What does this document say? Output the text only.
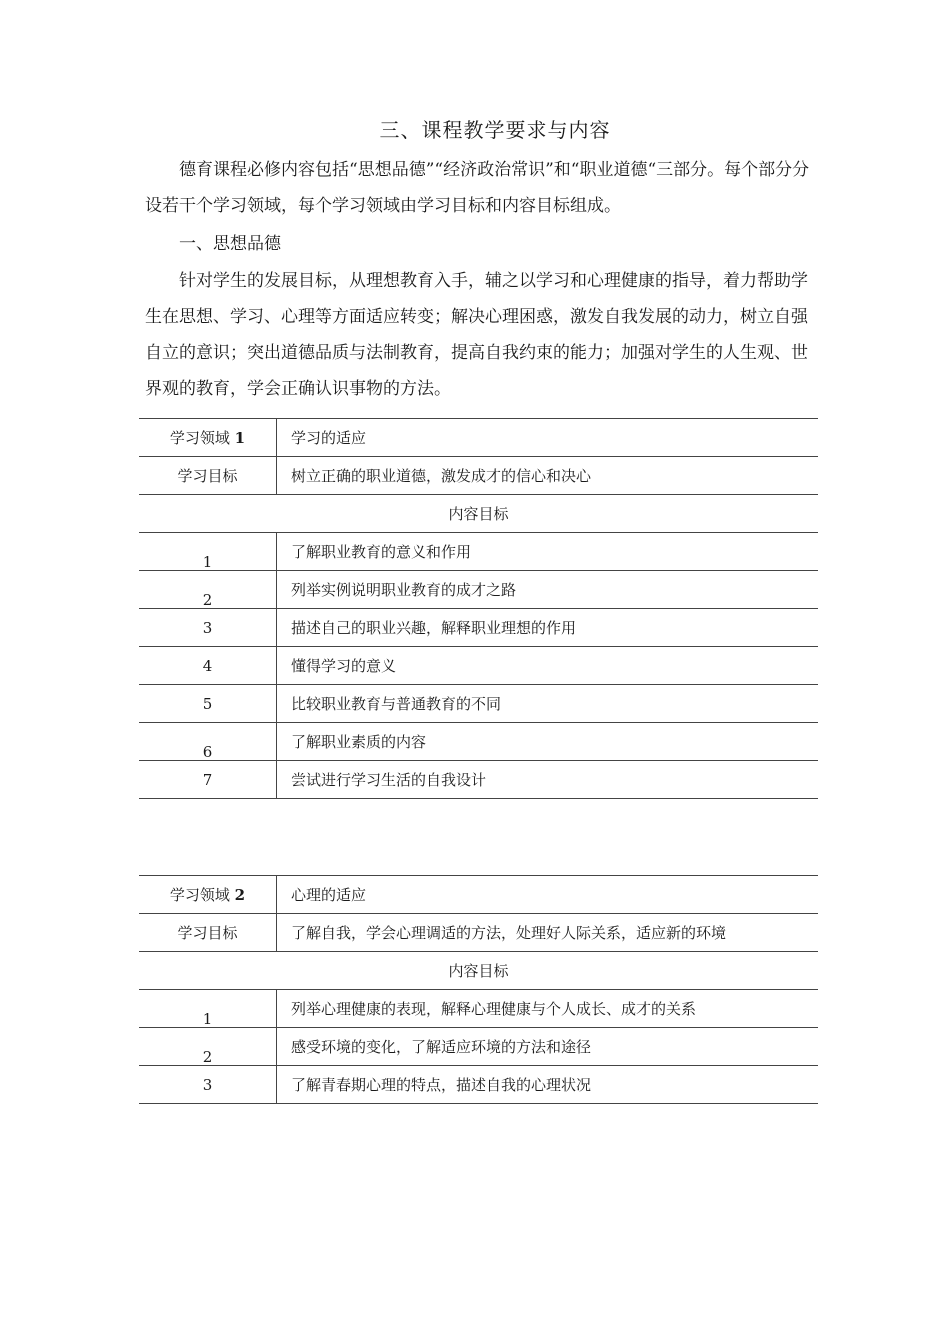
三、课程教学要求与内容
德育课程必修内容包括“思想品德”“经济政治常识”和“职业道德“三部分。每个部分分设若干个学习领域，每个学习领域由学习目标和内容目标组成。
一、思想品德
针对学生的发展目标，从理想教育入手，辅之以学习和心理健康的指导，着力帮助学生在思想、学习、心理等方面适应转变；解决心理困惑，激发自我发展的动力，树立自强自立的意识；突出道德品质与法制教育，提高自我约束的能力；加强对学生的人生观、世界观的教育，学会正确认识事物的方法。
学习领域 1	学习的适应
学习目标	树立正确的职业道德，激发成才的信心和决心
内容目标	
1	了解职业教育的意义和作用
2	列举实例说明职业教育的成才之路
3	描述自己的职业兴趣，解释职业理想的作用
4	懂得学习的意义
5	比较职业教育与普通教育的不同
6	了解职业素质的内容
7	尝试进行学习生活的自我设计
学习领域 2	心理的适应
学习目标	了解自我，学会心理调适的方法，处理好人际关系，适应新的环境
内容目标	
1	列举心理健康的表现，解释心理健康与个人成长、成才的关系
2	感受环境的变化，了解适应环境的方法和途径
3	了解青春期心理的特点，描述自我的心理状况
